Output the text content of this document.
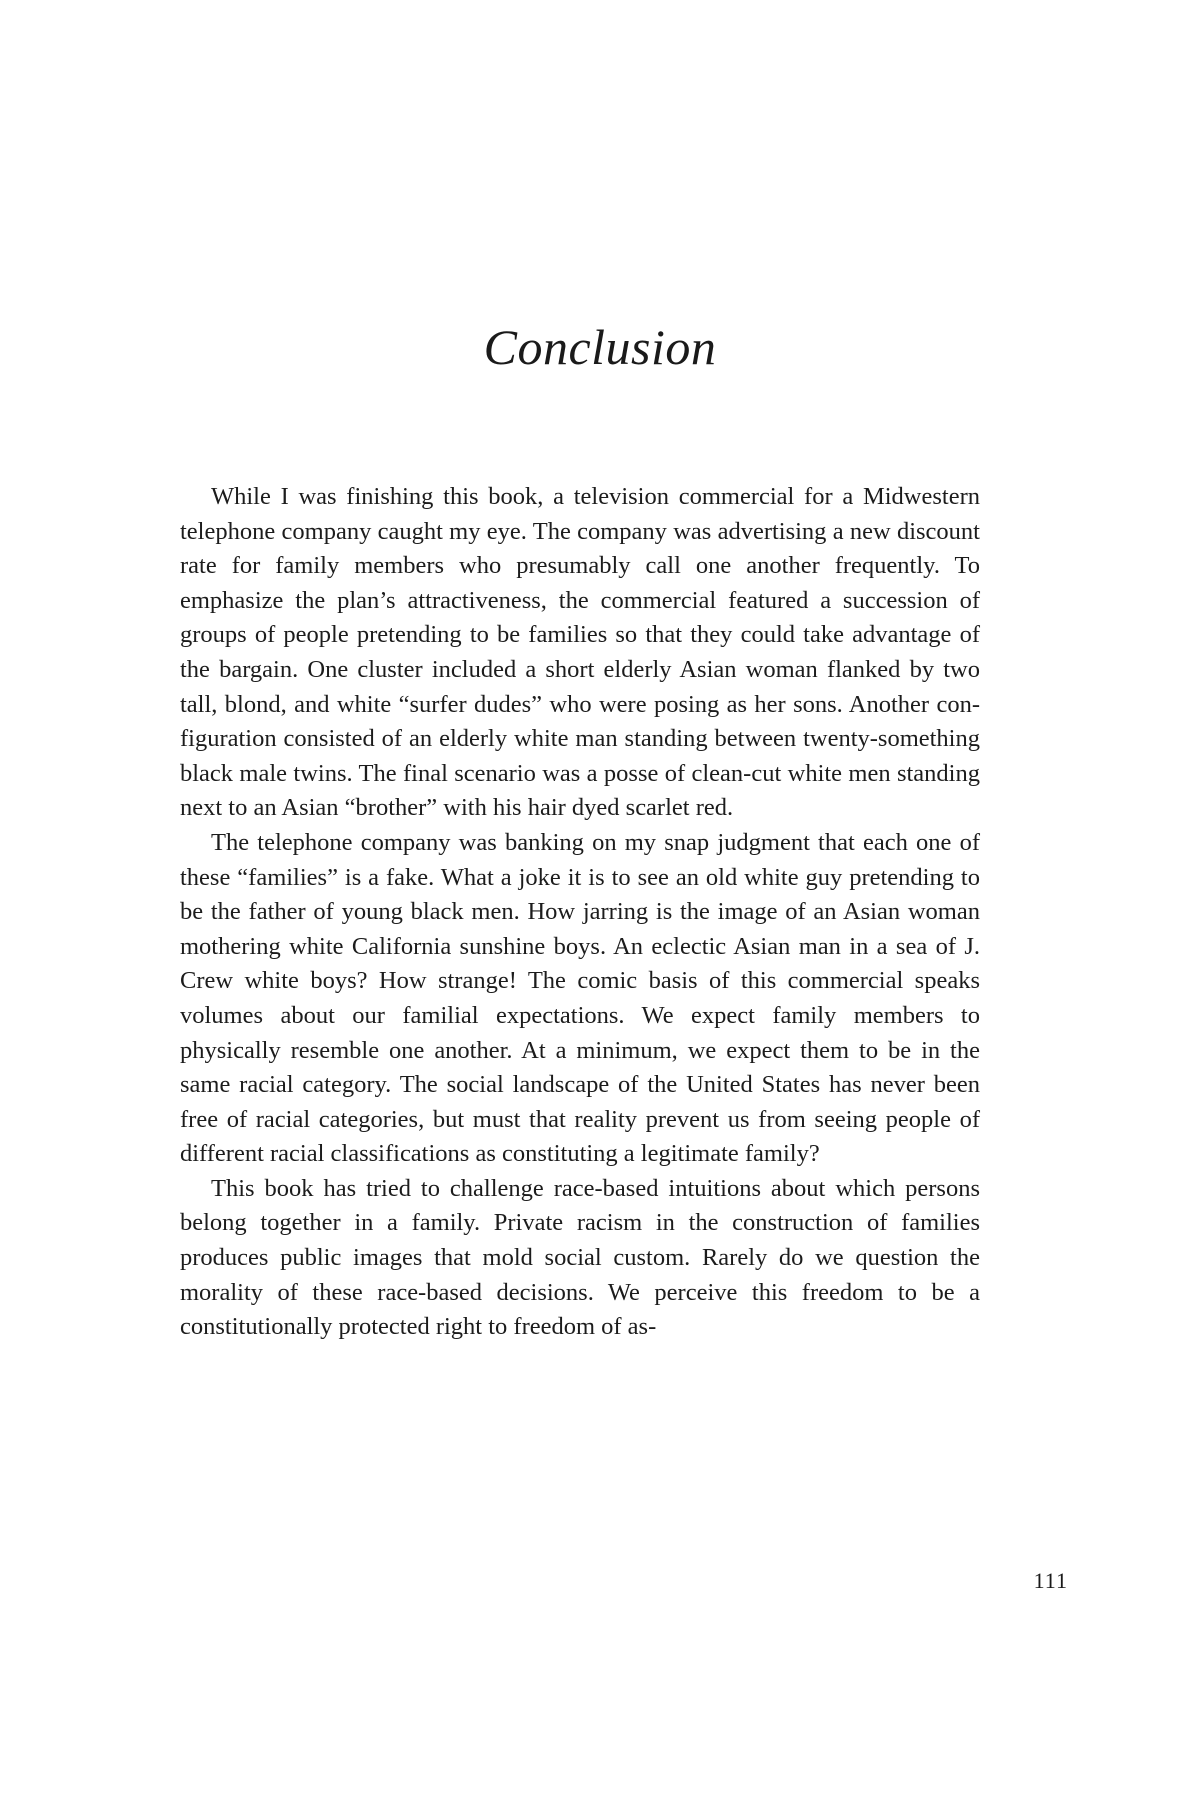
Conclusion

While I was finishing this book, a television commercial for a Midwestern telephone company caught my eye. The company was advertising a new discount rate for family members who presumably call one another frequently. To emphasize the plan’s attractiveness, the commercial featured a succession of groups of people pretending to be families so that they could take advantage of the bargain. One cluster included a short elderly Asian woman flanked by two tall, blond, and white “surfer dudes” who were posing as her sons. Another configuration consisted of an elderly white man standing between twenty-something black male twins. The final scenario was a posse of clean-cut white men standing next to an Asian “brother” with his hair dyed scarlet red.

The telephone company was banking on my snap judgment that each one of these “families” is a fake. What a joke it is to see an old white guy pretending to be the father of young black men. How jarring is the image of an Asian woman mothering white California sunshine boys. An eclectic Asian man in a sea of J. Crew white boys? How strange! The comic basis of this commercial speaks volumes about our familial expectations. We expect family members to physically resemble one another. At a minimum, we expect them to be in the same racial category. The social landscape of the United States has never been free of racial categories, but must that reality prevent us from seeing people of different racial classifications as constituting a legitimate family?

This book has tried to challenge race-based intuitions about which persons belong together in a family. Private racism in the construction of families produces public images that mold social custom. Rarely do we question the morality of these race-based decisions. We perceive this freedom to be a constitutionally protected right to freedom of as-

111
